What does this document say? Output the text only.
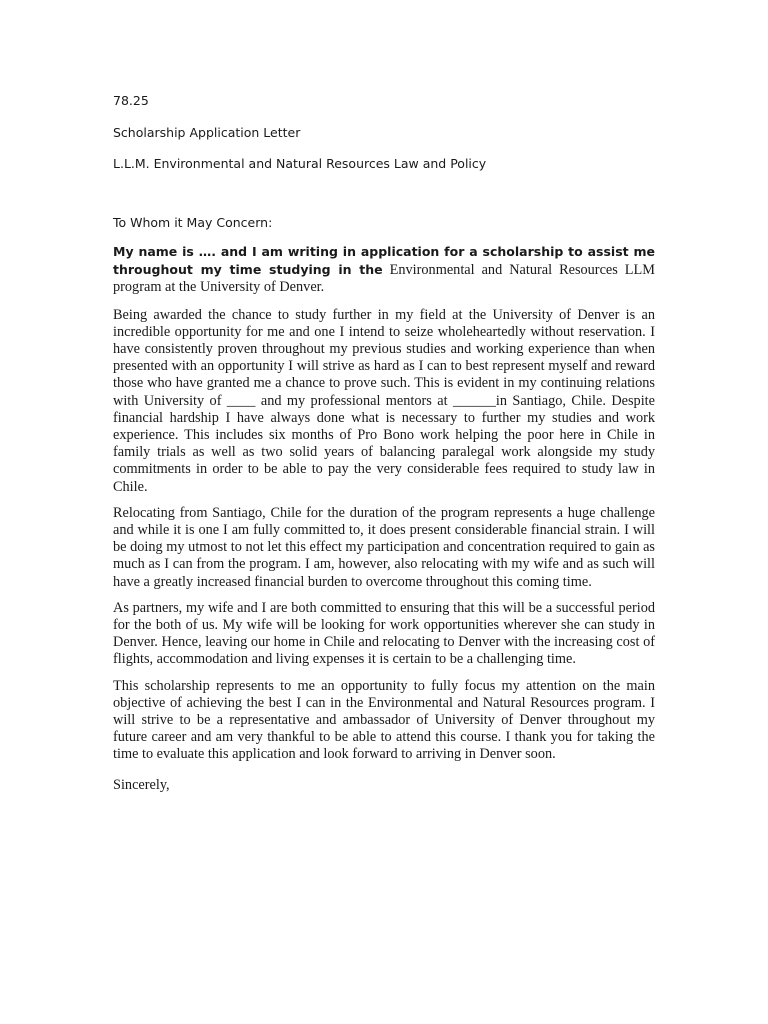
78.25

Scholarship Application Letter

L.L.M. Environmental and Natural Resources Law and Policy

To Whom it May Concern:

My name is …. and I am writing in application for a scholarship to assist me throughout my time studying in the Environmental and Natural Resources LLM program at the University of Denver.

Being awarded the chance to study further in my field at the University of Denver is an incredible opportunity for me and one I intend to seize wholeheartedly without reservation. I have consistently proven throughout my previous studies and working experience than when presented with an opportunity I will strive as hard as I can to best represent myself and reward those who have granted me a chance to prove such. This is evident in my continuing relations with University of ____ and my professional mentors at ______in Santiago, Chile. Despite financial hardship I have always done what is necessary to further my studies and work experience. This includes six months of Pro Bono work helping the poor here in Chile in family trials as well as two solid years of balancing paralegal work alongside my study commitments in order to be able to pay the very considerable fees required to study law in Chile.

Relocating from Santiago, Chile for the duration of the program represents a huge challenge and while it is one I am fully committed to, it does present considerable financial strain. I will be doing my utmost to not let this effect my participation and concentration required to gain as much as I can from the program. I am, however, also relocating with my wife and as such will have a greatly increased financial burden to overcome throughout this coming time.

As partners, my wife and I are both committed to ensuring that this will be a successful period for the both of us. My wife will be looking for work opportunities wherever she can study in Denver. Hence, leaving our home in Chile and relocating to Denver with the increasing cost of flights, accommodation and living expenses it is certain to be a challenging time.

This scholarship represents to me an opportunity to fully focus my attention on the main objective of achieving the best I can in the Environmental and Natural Resources program. I will strive to be a representative and ambassador of University of Denver throughout my future career and am very thankful to be able to attend this course. I thank you for taking the time to evaluate this application and look forward to arriving in Denver soon.

Sincerely,
